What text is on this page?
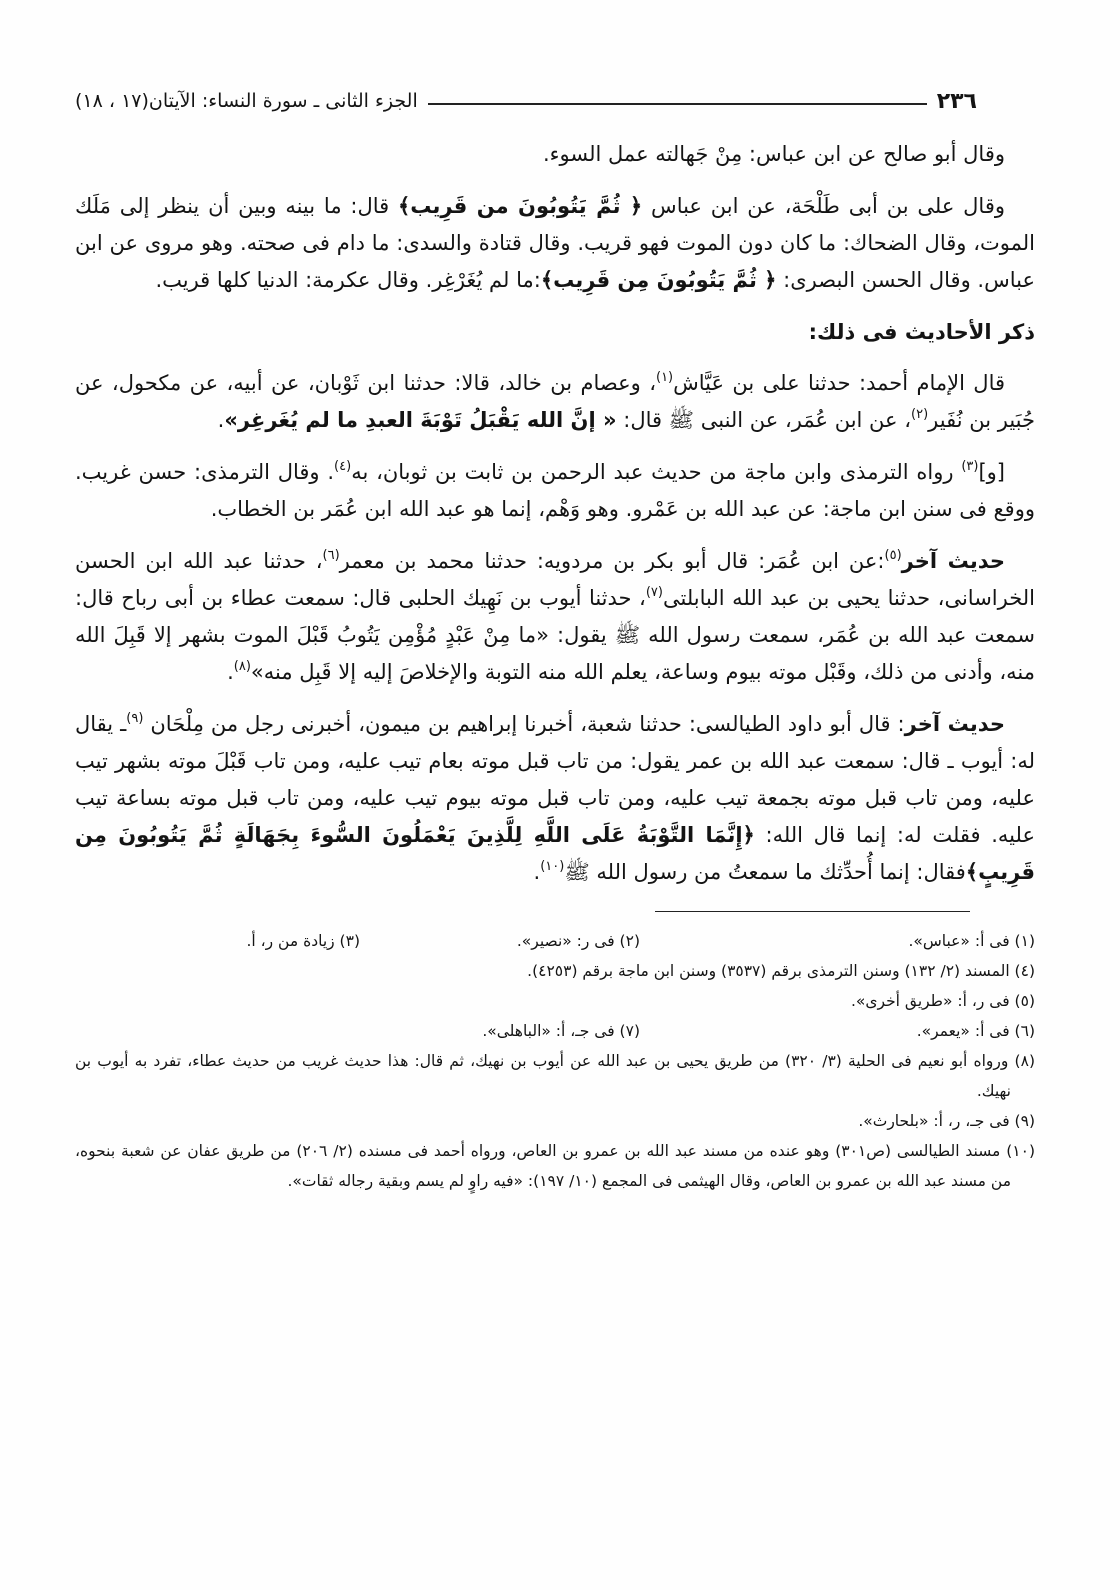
٢٣٦
الجزء الثانى ـ سورة النساء: الآيتان(١٧ ، ١٨)

وقال أبو صالح عن ابن عباس: مِنْ جَهالته عمل السوء.

وقال على بن أبى طَلْحَة، عن ابن عباس ﴿ ثُمَّ يَتُوبُونَ من قَرِيب﴾ قال: ما بينه وبين أن ينظر إلى مَلَك الموت، وقال الضحاك: ما كان دون الموت فهو قريب. وقال قتادة والسدى: ما دام فى صحته. وهو مروى عن ابن عباس. وقال الحسن البصرى: ﴿ ثُمَّ يَتُوبُونَ مِن قَرِيب﴾:ما لم يُغَرْغِر. وقال عكرمة: الدنيا كلها قريب.

ذكر الأحاديث فى ذلك:

قال الإمام أحمد: حدثنا على بن عَيَّاش$^{(١)}$، وعصام بن خالد، قالا: حدثنا ابن ثَوْبان، عن أبيه، عن مكحول، عن جُبَير بن نُفَير$^{(٢)}$، عن ابن عُمَر، عن النبى ﷺ قال: « إنَّ الله يَقْبَلُ تَوْبَةَ العبدِ ما لم يُغَرغِر».

[و]$^{(٣)}$ رواه الترمذى وابن ماجة من حديث عبد الرحمن بن ثابت بن ثوبان، به$^{(٤)}$. وقال الترمذى: حسن غريب. ووقع فى سنن ابن ماجة: عن عبد الله بن عَمْرو. وهو وَهْم، إنما هو عبد الله ابن عُمَر بن الخطاب.

حديث آخر$^{(٥)}$:عن ابن عُمَر: قال أبو بكر بن مردويه: حدثنا محمد بن معمر$^{(٦)}$، حدثنا عبد الله ابن الحسن الخراسانى، حدثنا يحيى بن عبد الله البابلتى$^{(٧)}$، حدثنا أيوب بن نَهِيك الحلبى قال: سمعت عطاء بن أبى رباح قال: سمعت عبد الله بن عُمَر، سمعت رسول الله ﷺ يقول: «ما مِنْ عَبْدٍ مُؤْمِن يَتُوبُ قَبْلَ الموت بشهر إلا قَبِلَ الله منه، وأدنى من ذلك، وقَبْل موته بيوم وساعة، يعلم الله منه التوبة والإخلاصَ إليه إلا قَبِل منه»$^{(٨)}$.

حديث آخر: قال أبو داود الطيالسى: حدثنا شعبة، أخبرنا إبراهيم بن ميمون، أخبرنى رجل من مِلْحَان $^{(٩)}$ـ يقال له: أيوب ـ قال: سمعت عبد الله بن عمر يقول: من تاب قبل موته بعام تيب عليه، ومن تاب قَبْلَ موته بشهر تيب عليه، ومن تاب قبل موته بجمعة تيب عليه، ومن تاب قبل موته بيوم تيب عليه، ومن تاب قبل موته بساعة تيب عليه. فقلت له: إنما قال الله: ﴿إِنَّمَا التَّوْبَةُ عَلَى اللَّهِ لِلَّذِينَ يَعْمَلُونَ السُّوءَ بِجَهَالَةٍ ثُمَّ يَتُوبُونَ مِن قَرِيبٍ﴾فقال: إنما أُحدِّثك ما سمعتُ من رسول الله ﷺ$^{(١٠)}$.

(١) فى أ: «عباس».
(٢) فى ر: «نصير».
(٣) زيادة من ر، أ.
(٤) المسند (٢/ ١٣٢) وسنن الترمذى برقم (٣٥٣٧) وسنن ابن ماجة برقم (٤٢٥٣).
(٥) فى ر، أ: «طريق أخرى».
(٦) فى أ: «يعمر».
(٧) فى جـ، أ: «الباهلى».
(٨) ورواه أبو نعيم فى الحلية (٣/ ٣٢٠) من طريق يحيى بن عبد الله عن أيوب بن نهيك، ثم قال: هذا حديث غريب من حديث عطاء، تفرد به أيوب بن نهيك.
(٩) فى جـ، ر، أ: «بلحارث».
(١٠) مسند الطيالسى (ص٣٠١) وهو عنده من مسند عبد الله بن عمرو بن العاص، ورواه أحمد فى مسنده (٢/ ٢٠٦) من طريق عفان عن شعبة بنحوه، من مسند عبد الله بن عمرو بن العاص، وقال الهيثمى فى المجمع (١٠/ ١٩٧): «فيه راوٍ لم يسم وبقية رجاله ثقات».
